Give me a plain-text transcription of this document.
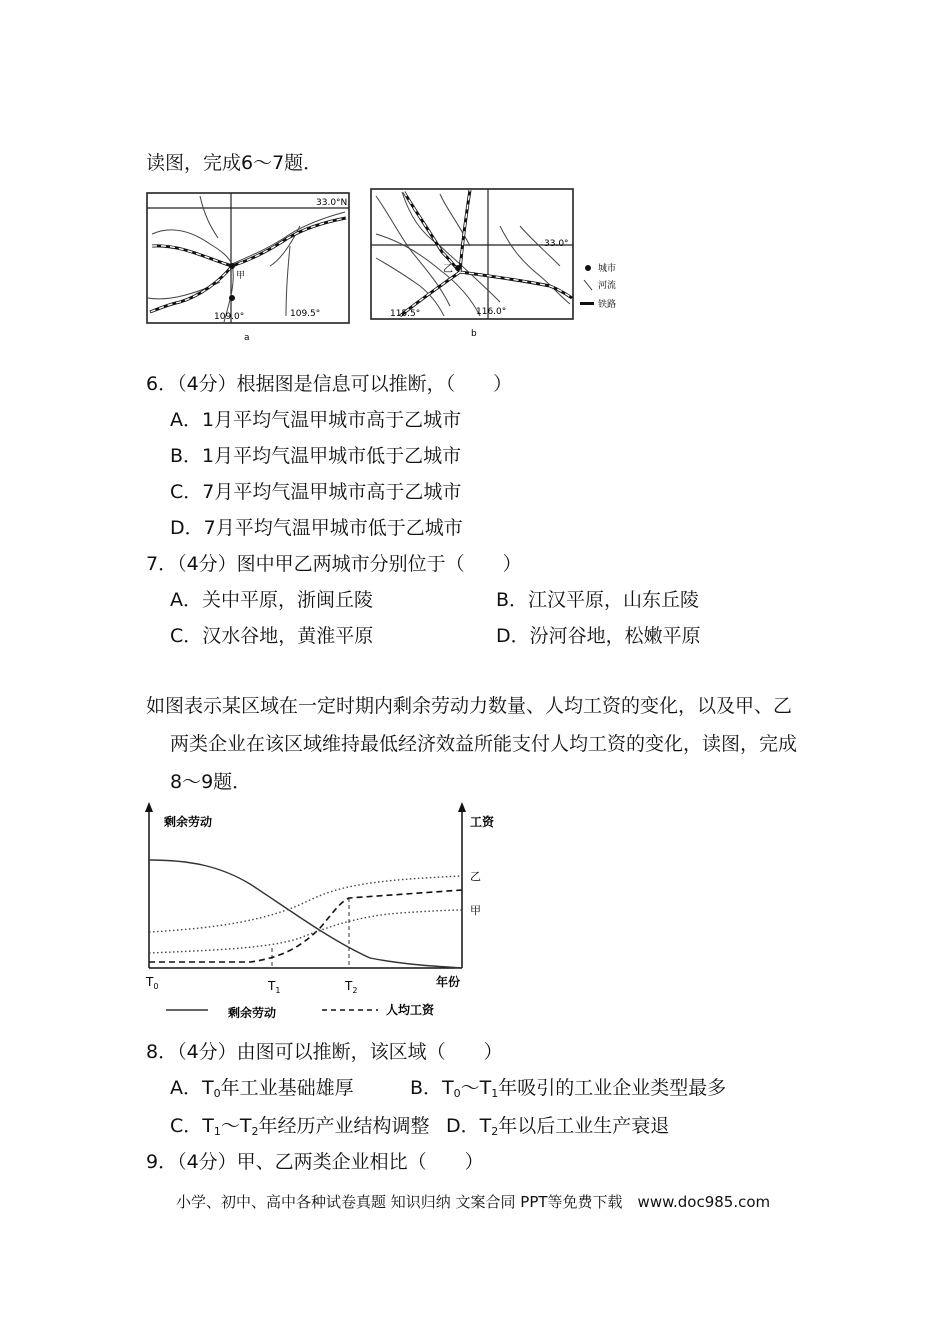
读图，完成6～7题．
甲
33.0°N
109.0°	109.5°
a
乙
33.0°
115.5°	116.0°
b
城市
河流
铁路
6．（4分）根据图是信息可以推断，（　　）
A．1月平均气温甲城市高于乙城市
B．1月平均气温甲城市低于乙城市
C．7月平均气温甲城市高于乙城市
D．7月平均气温甲城市低于乙城市
7．（4分）图中甲乙两城市分别位于（　　）
A．关中平原，浙闽丘陵	B．江汉平原，山东丘陵
C．汉水谷地，黄淮平原	D．汾河谷地，松嫩平原
如图表示某区域在一定时期内剩余劳动力数量、人均工资的变化，以及甲、乙
两类企业在该区域维持最低经济效益所能支付人均工资的变化，读图，完成
8～9题．
剩余劳动	工资
年份
乙
甲
$T_0$	$T_1$	$T_2$
剩余劳动	人均工资
8．（4分）由图可以推断，该区域（　　）
A．$T_0$年工业基础雄厚	B．$T_0\sim T_1$年吸引的工业企业类型最多
C．$T_1\sim T_2$年经历产业结构调整 D．$T_2$年以后工业生产衰退
9．（4分）甲、乙两类企业相比（　　）
小学、初中、高中各种试卷真题 知识归纳 文案合同 PPT等免费下载　www.doc985.com
